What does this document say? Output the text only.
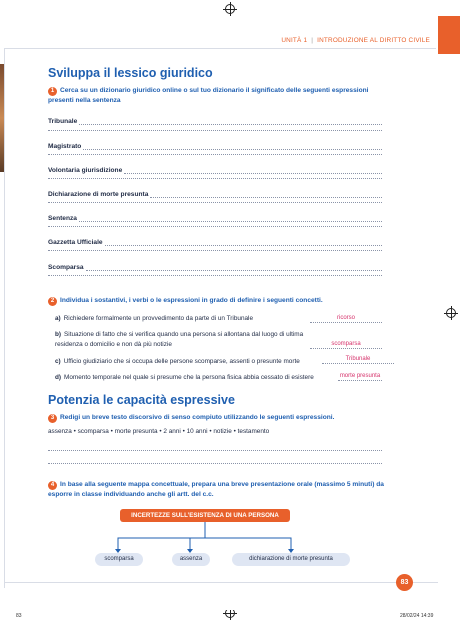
UNITÀ 1 | INTRODUZIONE AL DIRITTO CIVILE
Sviluppa il lessico giuridico
1 Cerca su un dizionario giuridico online o sul tuo dizionario il significato delle seguenti espressioni presenti nella sentenza
Tribunale
Magistrato
Volontaria giurisdizione
Dichiarazione di morte presunta
Sentenza
Gazzetta Ufficiale
Scomparsa
2 Individua i sostantivi, i verbi o le espressioni in grado di definire i seguenti concetti.
a) Richiedere formalmente un provvedimento da parte di un Tribunale	ricorso
b) Situazione di fatto che si verifica quando una persona si allontana dal luogo di ultima residenza o domicilio e non dà più notizie	scomparsa
c) Ufficio giudiziario che si occupa delle persone scomparse, assenti o presunte morte	Tribunale
d) Momento temporale nel quale si presume che la persona fisica abbia cessato di esistere	morte presunta
Potenzia le capacità espressive
3 Redigi un breve testo discorsivo di senso compiuto utilizzando le seguenti espressioni.
assenza • scomparsa • morte presunta • 2 anni • 10 anni • notizie • testamento
4 In base alla seguente mappa concettuale, prepara una breve presentazione orale (massimo 5 minuti) da esporre in classe individuando anche gli artt. del c.c.
INCERTEZZE SULL’ESISTENZA DI UNA PERSONA
scomparsa	assenza	dichiarazione di morte presunta
83
83	28/02/24 14:39
